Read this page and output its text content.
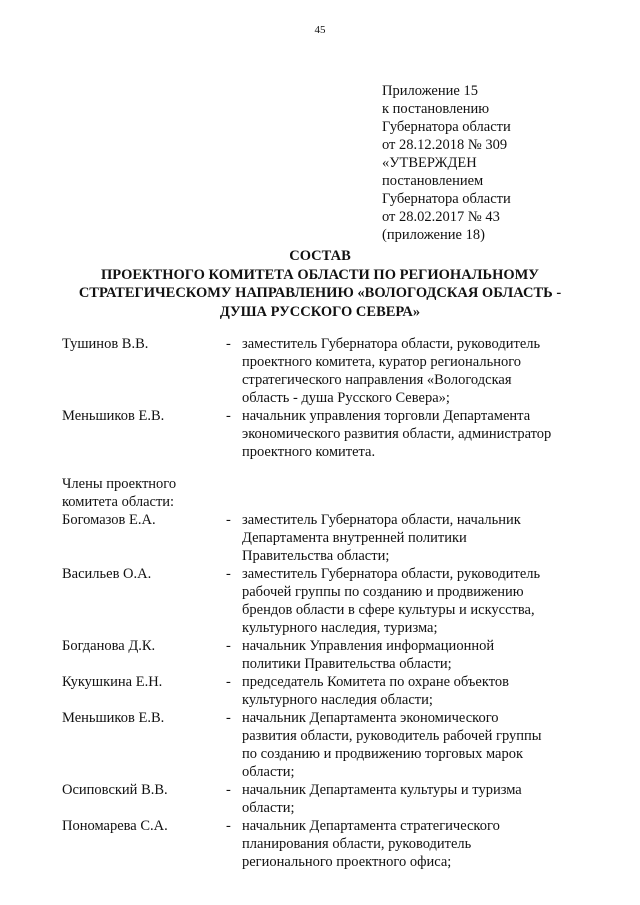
45
Приложение 15
к постановлению
Губернатора области
от 28.12.2018 № 309
«УТВЕРЖДЕН
постановлением
Губернатора области
от 28.02.2017 № 43
(приложение 18)
СОСТАВ
ПРОЕКТНОГО КОМИТЕТА ОБЛАСТИ ПО РЕГИОНАЛЬНОМУ
СТРАТЕГИЧЕСКОМУ НАПРАВЛЕНИЮ «ВОЛОГОДСКАЯ ОБЛАСТЬ -
ДУША РУССКОГО СЕВЕРА»
Тушинов В.В.	- заместитель Губернатора области, руководитель
проектного комитета, куратор регионального
стратегического направления «Вологодская
область - душа Русского Севера»;
Меньшиков Е.В.	- начальник управления торговли Департамента
экономического развития области, администратор
проектного комитета.
Члены проектного
комитета области:
Богомазов Е.А.	- заместитель Губернатора области, начальник
Департамента внутренней политики
Правительства области;
Васильев О.А.	- заместитель Губернатора области, руководитель
рабочей группы по созданию и продвижению
брендов области в сфере культуры и искусства,
культурного наследия, туризма;
Богданова Д.К.	- начальник Управления информационной
политики Правительства области;
Кукушкина Е.Н.	- председатель Комитета по охране объектов
культурного наследия области;
Меньшиков Е.В.	- начальник Департамента экономического
развития области, руководитель рабочей группы
по созданию и продвижению торговых марок
области;
Осиповский В.В.	- начальник Департамента культуры и туризма
области;
Пономарева С.А.	- начальник Департамента стратегического
планирования области, руководитель
регионального проектного офиса;
